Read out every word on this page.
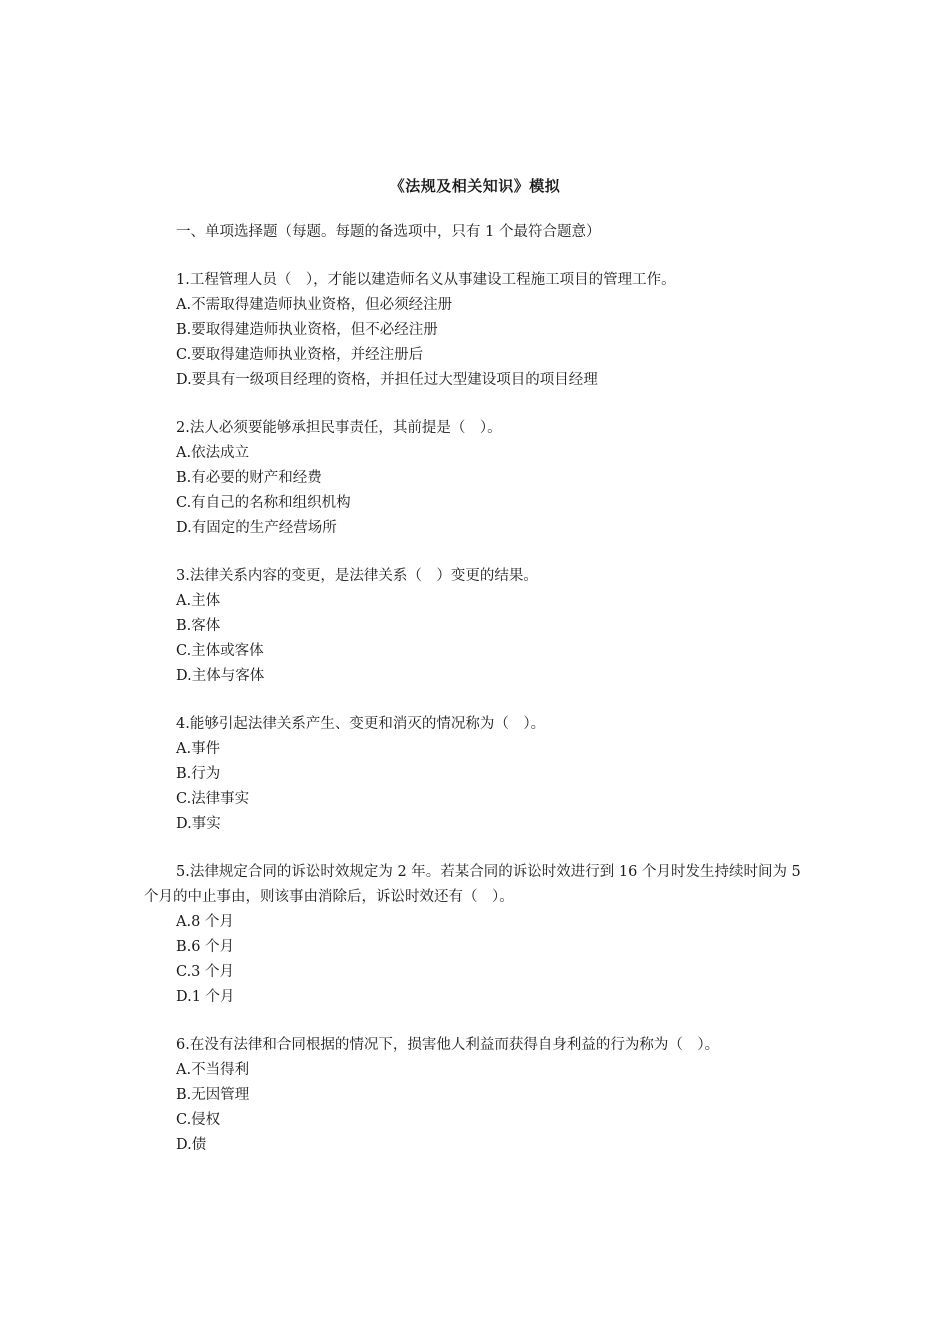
《法规及相关知识》模拟
一、单项选择题（每题。每题的备选项中，只有 1 个最符合题意）
1.工程管理人员（　），才能以建造师名义从事建设工程施工项目的管理工作。
A.不需取得建造师执业资格，但必须经注册
B.要取得建造师执业资格，但不必经注册
C.要取得建造师执业资格，并经注册后
D.要具有一级项目经理的资格，并担任过大型建设项目的项目经理
2.法人必须要能够承担民事责任，其前提是（　）。
A.依法成立
B.有必要的财产和经费
C.有自己的名称和组织机构
D.有固定的生产经营场所
3.法律关系内容的变更，是法律关系（　）变更的结果。
A.主体
B.客体
C.主体或客体
D.主体与客体
4.能够引起法律关系产生、变更和消灭的情况称为（　）。
A.事件
B.行为
C.法律事实
D.事实
5.法律规定合同的诉讼时效规定为 2 年。若某合同的诉讼时效进行到 16 个月时发生持续时间为 5 个月的中止事由，则该事由消除后，诉讼时效还有（　）。
A.8 个月
B.6 个月
C.3 个月
D.1 个月
6.在没有法律和合同根据的情况下，损害他人利益而获得自身利益的行为称为（　）。
A.不当得利
B.无因管理
C.侵权
D.债
